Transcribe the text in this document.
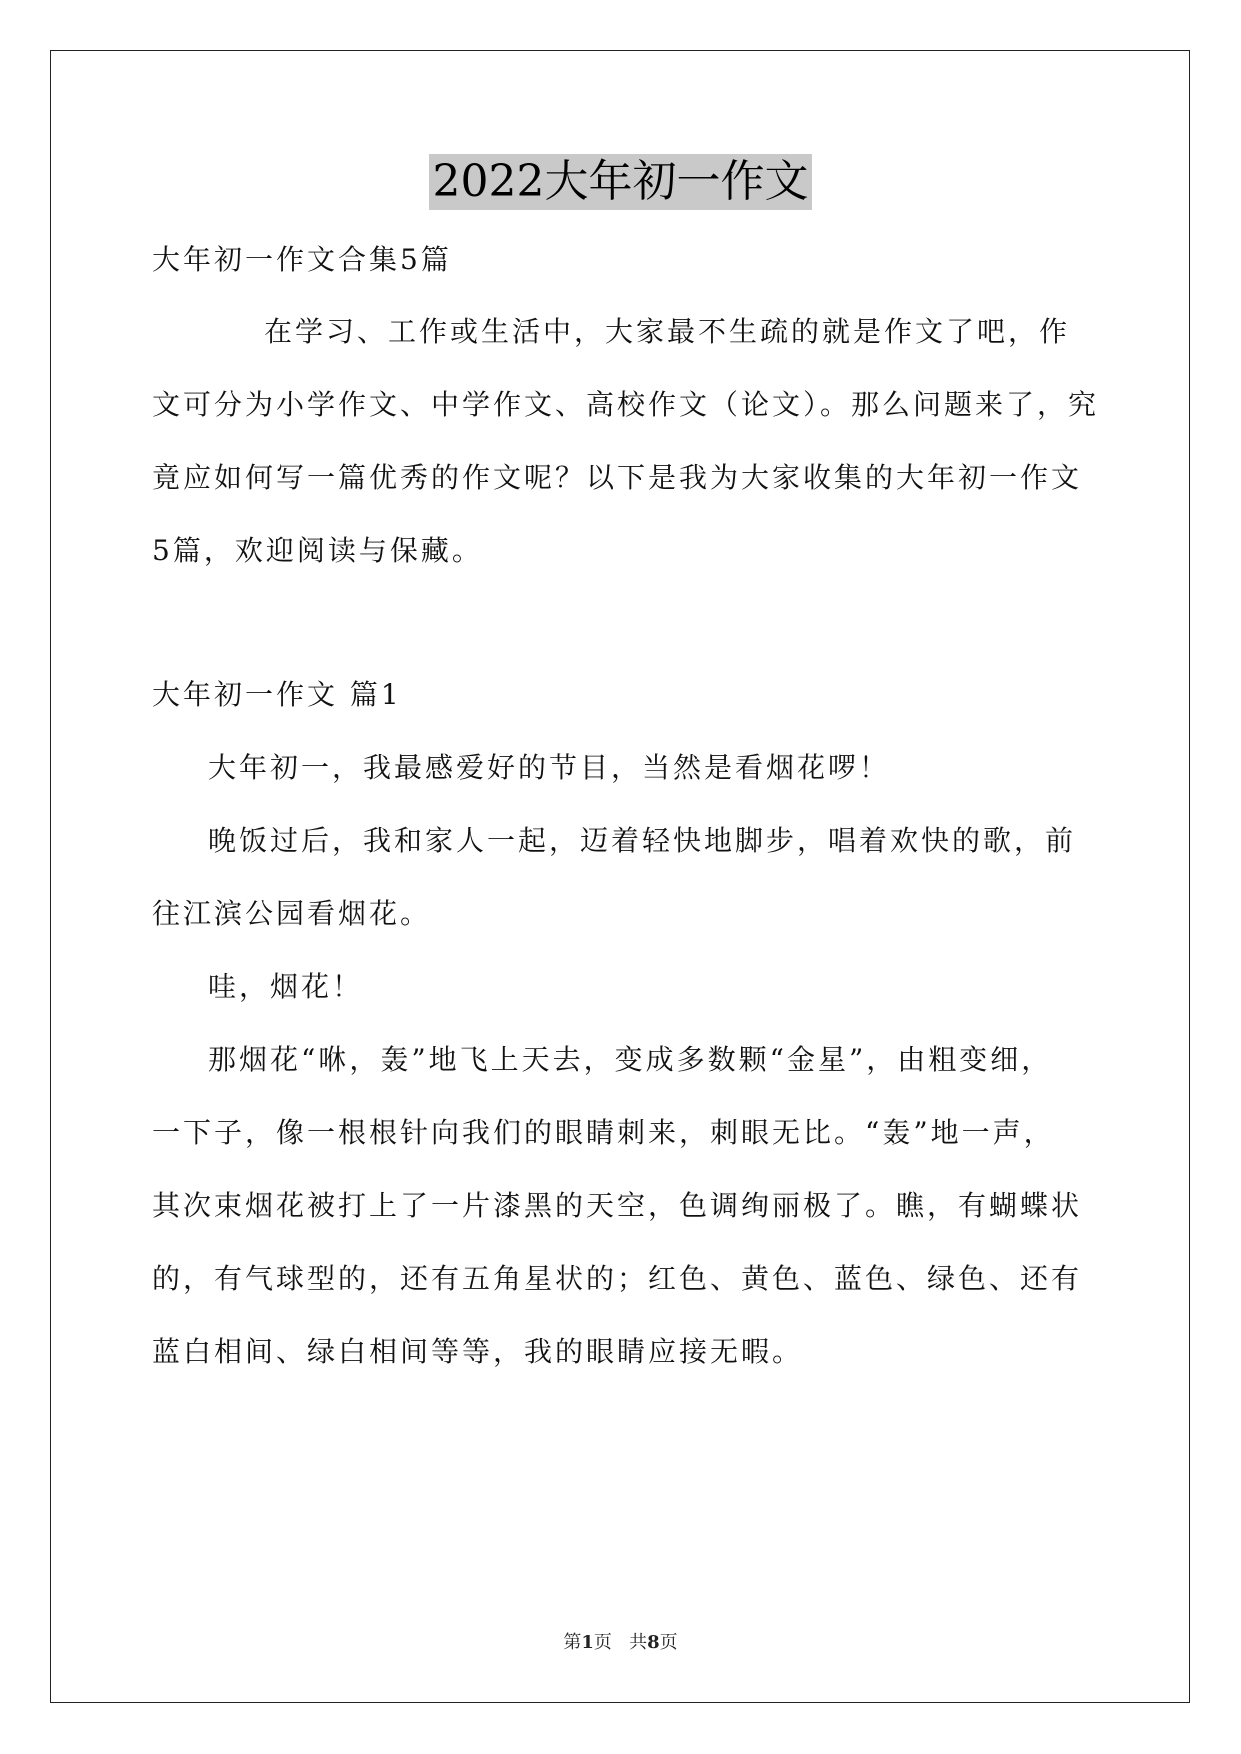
2022大年初一作文
大年初一作文合集5篇
在学习、工作或生活中，大家最不生疏的就是作文了吧，作
文可分为小学作文、中学作文、高校作文（论文）。那么问题来了，究
竟应如何写一篇优秀的作文呢？以下是我为大家收集的大年初一作文
5篇，欢迎阅读与保藏。
大年初一作文 篇1
大年初一，我最感爱好的节目，当然是看烟花啰！
晚饭过后，我和家人一起，迈着轻快地脚步，唱着欢快的歌，前
往江滨公园看烟花。
哇，烟花！
那烟花“咻，轰”地飞上天去，变成多数颗“金星”，由粗变细，
一下子，像一根根针向我们的眼睛刺来，刺眼无比。“轰”地一声，
其次束烟花被打上了一片漆黑的天空，色调绚丽极了。瞧，有蝴蝶状
的，有气球型的，还有五角星状的；红色、黄色、蓝色、绿色、还有
蓝白相间、绿白相间等等，我的眼睛应接无暇。
第1页 共8页
